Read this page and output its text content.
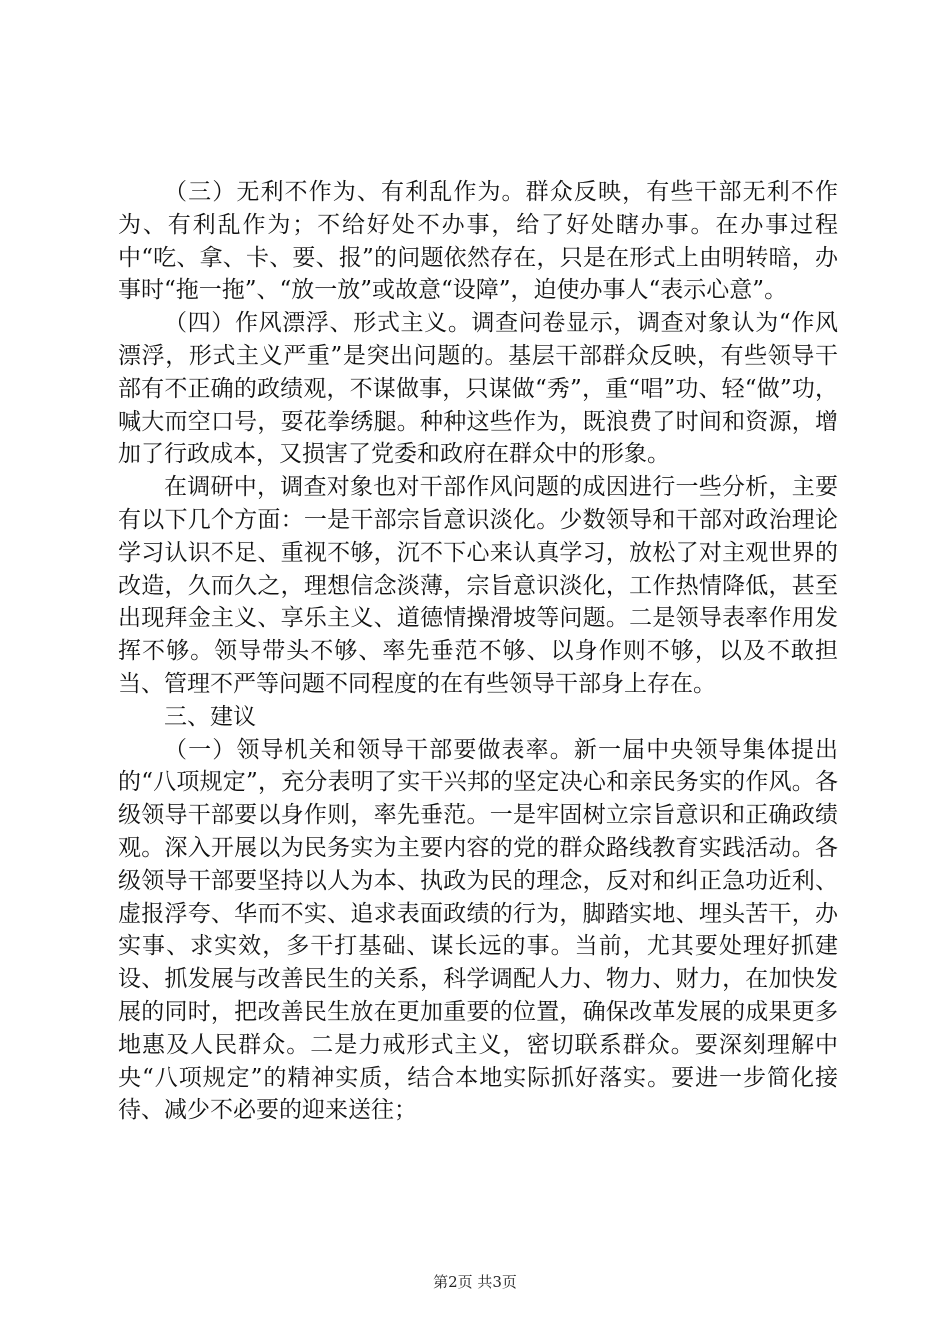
（三）无利不作为、有利乱作为。群众反映，有些干部无利不作为、有利乱作为；不给好处不办事，给了好处瞎办事。在办事过程中“吃、拿、卡、要、报”的问题依然存在，只是在形式上由明转暗，办事时“拖一拖”、“放一放”或故意“设障”，迫使办事人“表示心意”。

（四）作风漂浮、形式主义。调查问卷显示，调查对象认为“作风漂浮，形式主义严重”是突出问题的。基层干部群众反映，有些领导干部有不正确的政绩观，不谋做事，只谋做“秀”，重“唱”功、轻“做”功，喊大而空口号，耍花拳绣腿。种种这些作为，既浪费了时间和资源，增加了行政成本，又损害了党委和政府在群众中的形象。

在调研中，调查对象也对干部作风问题的成因进行一些分析，主要有以下几个方面：一是干部宗旨意识淡化。少数领导和干部对政治理论学习认识不足、重视不够，沉不下心来认真学习，放松了对主观世界的改造，久而久之，理想信念淡薄，宗旨意识淡化，工作热情降低，甚至出现拜金主义、享乐主义、道德情操滑坡等问题。二是领导表率作用发挥不够。领导带头不够、率先垂范不够、以身作则不够，以及不敢担当、管理不严等问题不同程度的在有些领导干部身上存在。

三、建议

（一）领导机关和领导干部要做表率。新一届中央领导集体提出的“八项规定”，充分表明了实干兴邦的坚定决心和亲民务实的作风。各级领导干部要以身作则，率先垂范。一是牢固树立宗旨意识和正确政绩观。深入开展以为民务实为主要内容的党的群众路线教育实践活动。各级领导干部要坚持以人为本、执政为民的理念，反对和纠正急功近利、虚报浮夸、华而不实、追求表面政绩的行为，脚踏实地、埋头苦干，办实事、求实效，多干打基础、谋长远的事。当前，尤其要处理好抓建设、抓发展与改善民生的关系，科学调配人力、物力、财力，在加快发展的同时，把改善民生放在更加重要的位置，确保改革发展的成果更多地惠及人民群众。二是力戒形式主义，密切联系群众。要深刻理解中央“八项规定”的精神实质，结合本地实际抓好落实。要进一步简化接待、减少不必要的迎来送往；

第2页 共3页
